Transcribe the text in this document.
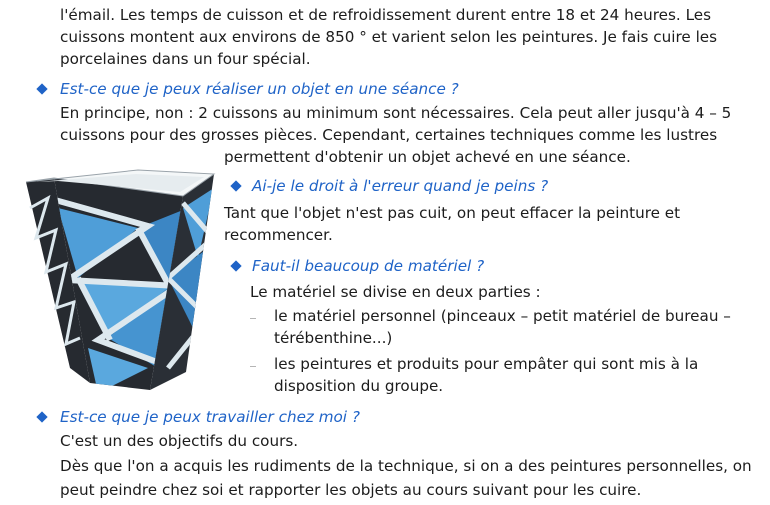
l'émail. Les temps de cuisson et de refroidissement durent entre 18 et 24 heures. Les
cuissons montent aux environs de 850 ° et varient selon les peintures. Je fais cuire les
porcelaines dans un four spécial.
Est-ce que je peux réaliser un objet en une séance ?
En principe, non : 2 cuissons au minimum sont nécessaires. Cela peut aller jusqu'à 4 – 5
cuissons pour des grosses pièces. Cependant, certaines techniques comme les lustres
permettent d'obtenir un objet achevé en une séance.
Ai-je le droit à l'erreur quand je peins ?
Tant que l'objet n'est pas cuit, on peut effacer la peinture et
recommencer.
Faut-il beaucoup de matériel ?
Le matériel se divise en deux parties :
le matériel personnel (pinceaux – petit matériel de bureau –
térébenthine...)
les peintures et produits pour empâter qui sont mis à la
disposition du groupe.
Est-ce que je peux travailler chez moi ?
C'est un des objectifs du cours.
Dès que l'on a acquis les rudiments de la technique, si on a des peintures personnelles, on
peut peindre chez soi et rapporter les objets au cours suivant pour les cuire.
